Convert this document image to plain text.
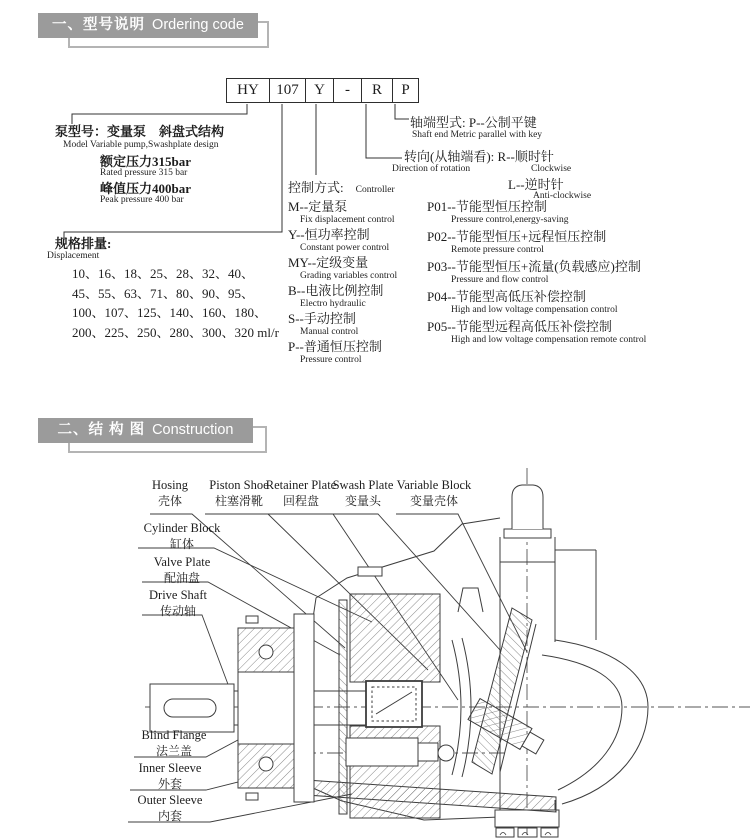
一、型号说明 Ordering code
HY	107	Y	-	R	P
泵型号：变量泵　斜盘式结构
Model Variable pump,Swashplate design
额定压力315bar
Rated pressure 315 bar
峰值压力400bar
Peak pressure 400 bar
轴端型式: P--公制平键
Shaft end Metric parallel with key
转向(从轴端看): R--顺时针
Direction of rotation	Clockwise
L--逆时针
Anti-clockwise
控制方式: Controller
M--定量泵
Fix displacement control
Y--恒功率控制
Constant power control
MY--定级变量
Grading variables control
B--电液比例控制
Electro hydraulic
S--手动控制
Manual control
P--普通恒压控制
Pressure control
P01--节能型恒压控制
Pressure control,energy-saving
P02--节能型恒压+远程恒压控制
Remote pressure control
P03--节能型恒压+流量(负载感应)控制
Pressure and flow control
P04--节能型高低压补偿控制
High and low voltage compensation control
P05--节能型远程高低压补偿控制
High and low voltage compensation remote control
规格排量:
Displacement
10、16、18、25、28、32、40、
45、55、63、71、80、90、95、
100、107、125、140、160、180、
200、225、250、280、300、320 ml/r
二、结 构 图 Construction
Hosing
壳体
Piston Shoe
柱塞滑靴
Retainer Plate
回程盘
Swash Plate
变量头
Variable Block
变量壳体
Cylinder Block
缸体
Valve Plate
配油盘
Drive Shaft
传动轴
Blind Flange
法兰盖
Inner Sleeve
外套
Outer Sleeve
内套
